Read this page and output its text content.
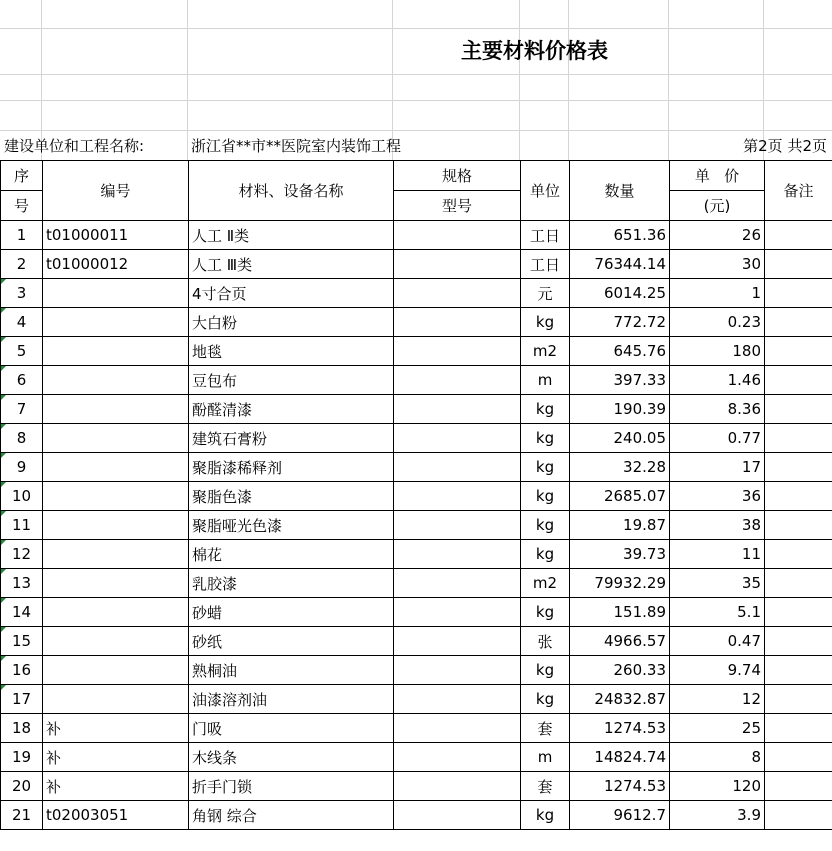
主要材料价格表
建设单位和工程名称:	浙江省**市**医院室内装饰工程	第2页 共2页
序	编号	材料、设备名称	规格	单位	数量	单   价	备注
号			型号			(元)	
1	t01000011	人工 Ⅱ类		工日	651.36	26	
2	t01000012	人工 Ⅲ类		工日	76344.14	30	
3		4寸合页		元	6014.25	1	
4		大白粉		kg	772.72	0.23	
5		地毯		m2	645.76	180	
6		豆包布		m	397.33	1.46	
7		酚醛清漆		kg	190.39	8.36	
8		建筑石膏粉		kg	240.05	0.77	
9		聚脂漆稀释剂		kg	32.28	17	
10		聚脂色漆		kg	2685.07	36	
11		聚脂哑光色漆		kg	19.87	38	
12		棉花		kg	39.73	11	
13		乳胶漆		m2	79932.29	35	
14		砂蜡		kg	151.89	5.1	
15		砂纸		张	4966.57	0.47	
16		熟桐油		kg	260.33	9.74	
17		油漆溶剂油		kg	24832.87	12	
18	补	门吸		套	1274.53	25	
19	补	木线条		m	14824.74	8	
20	补	折手门锁		套	1274.53	120	
21	t02003051	角钢 综合		kg	9612.7	3.9	
